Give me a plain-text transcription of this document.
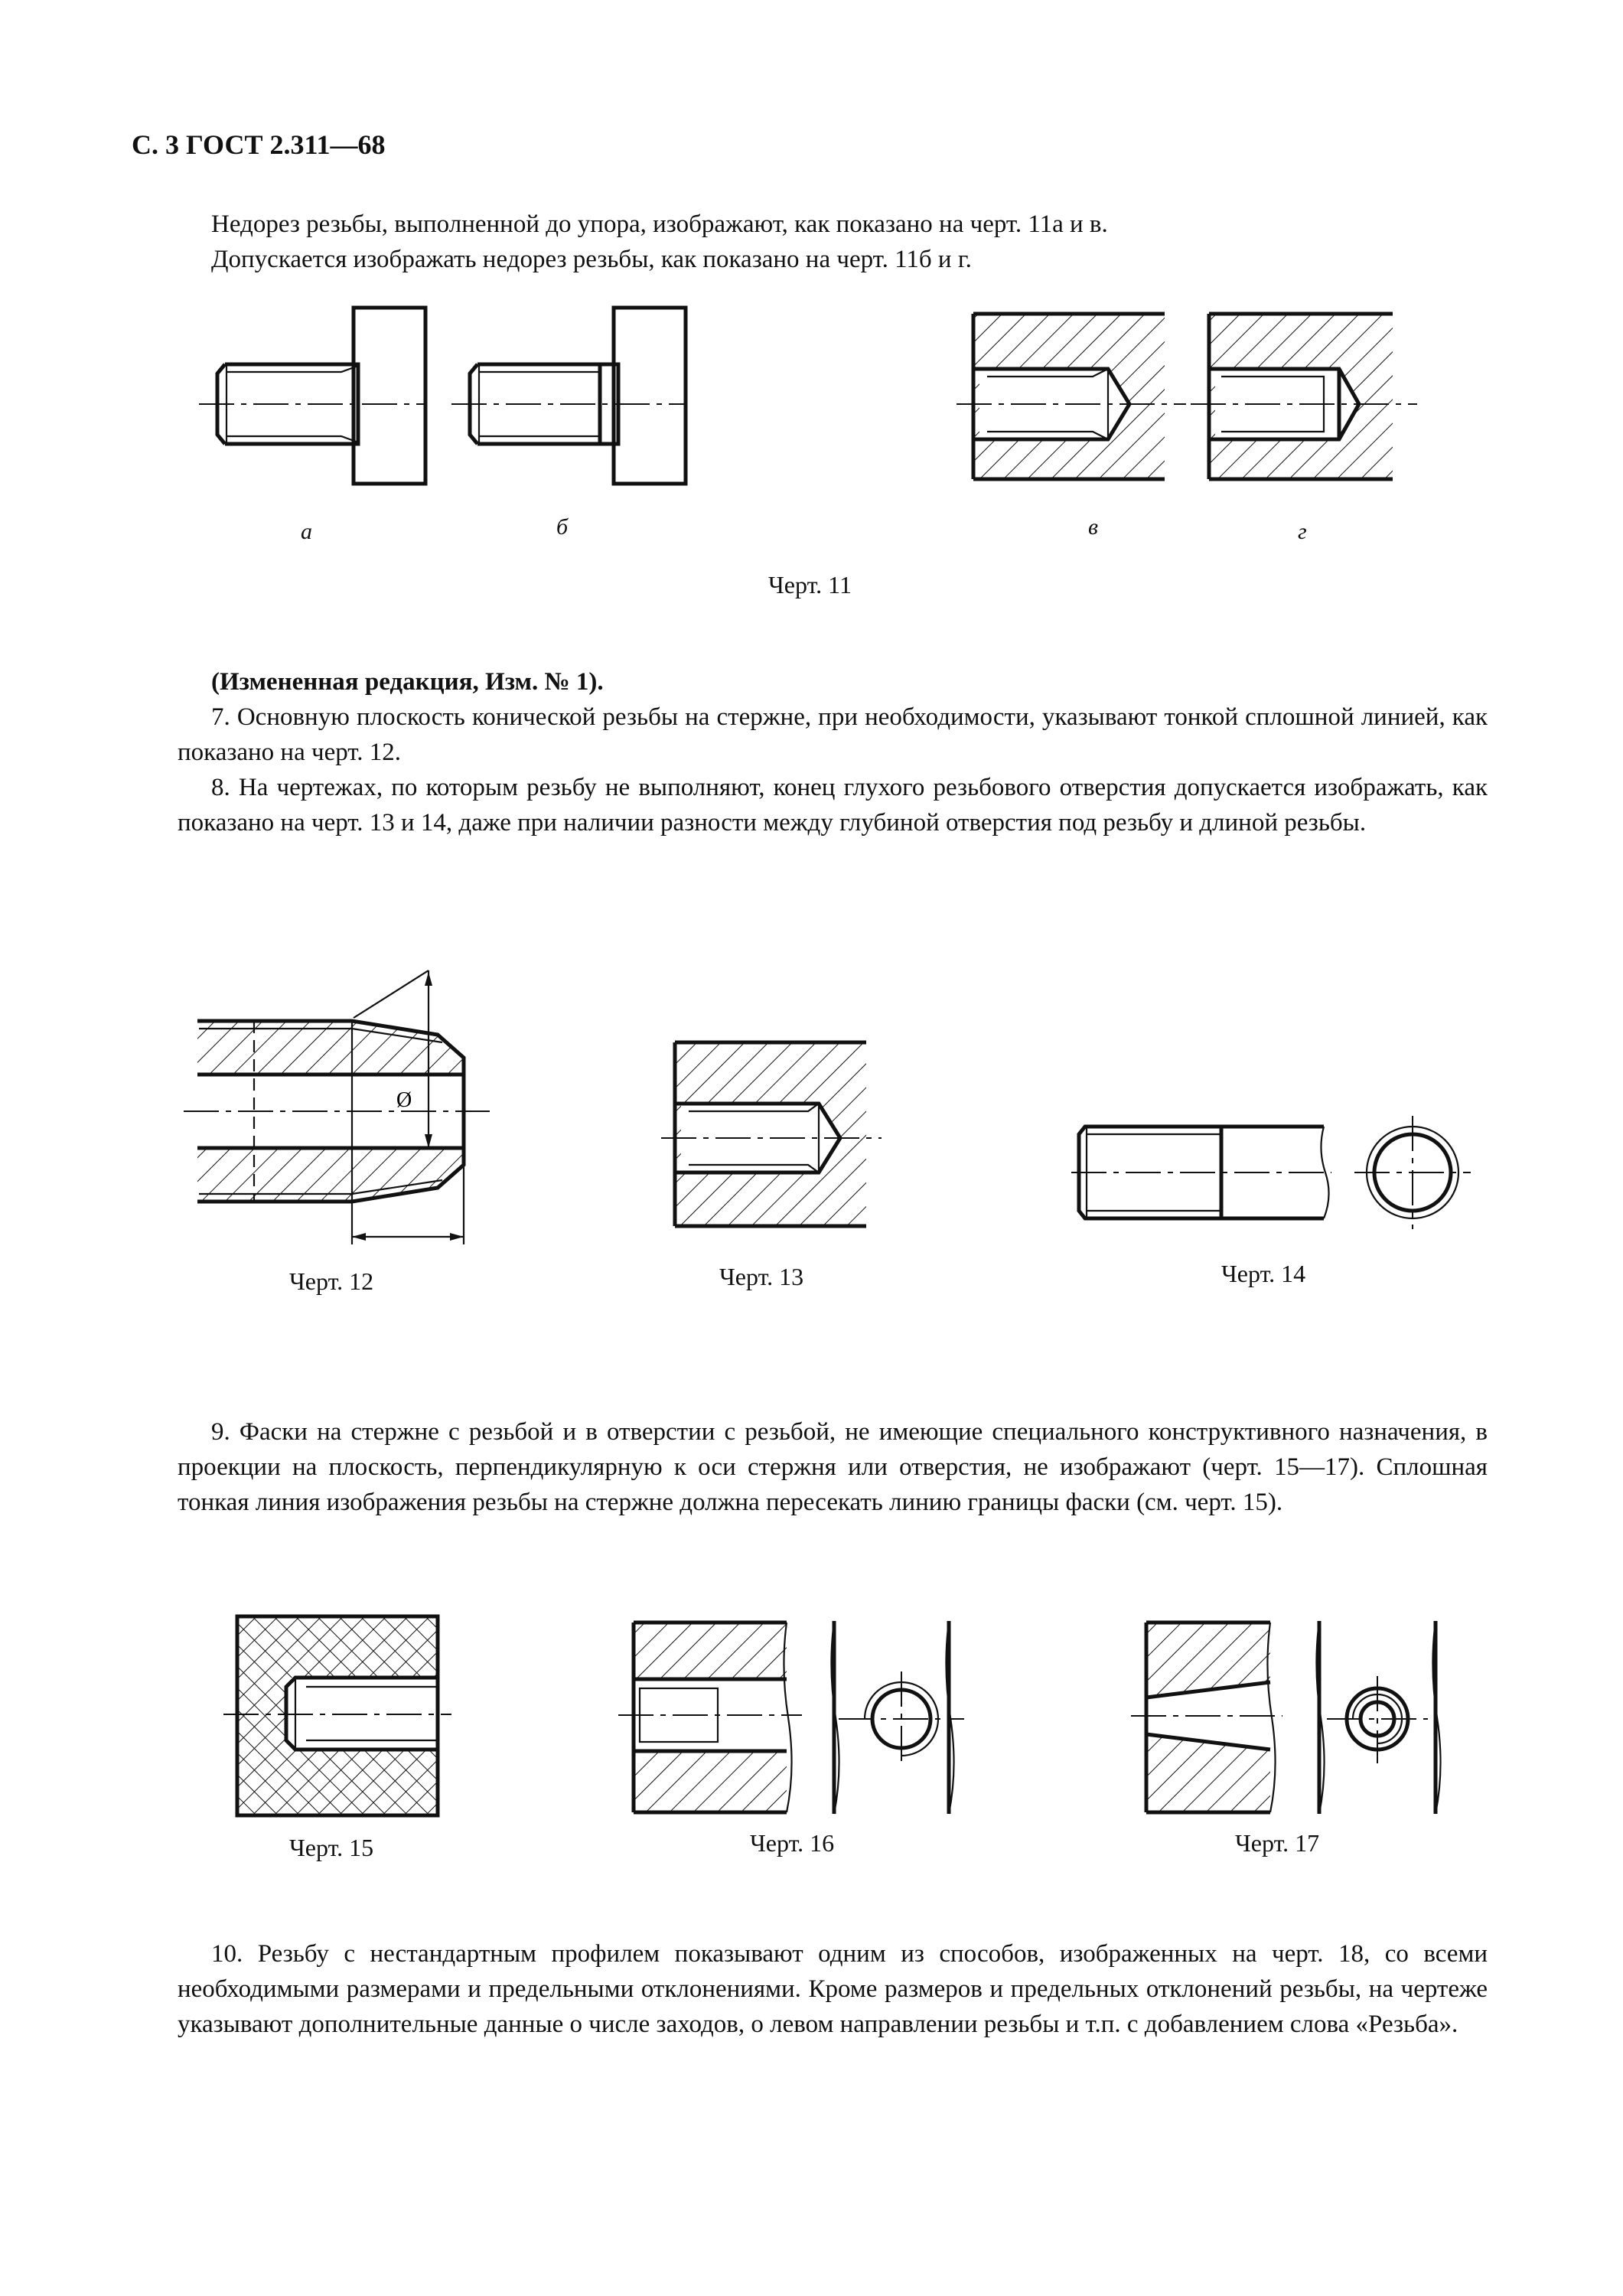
С. 3 ГОСТ 2.311—68
Недорез резьбы, выполненной до упора, изображают, как показано на черт. 11а и в.
Допускается изображать недорез резьбы, как показано на черт. 11б и г.
а	б	в	г
Черт. 11
(Измененная редакция, Изм. № 1).
7. Основную плоскость конической резьбы на стержне, при необходимости, указывают тонкой сплошной линией, как показано на черт. 12.
8. На чертежах, по которым резьбу не выполняют, конец глухого резьбового отверстия допускается изображать, как показано на черт. 13 и 14, даже при наличии разности между глубиной отверстия под резьбу и длиной резьбы.
Ø
Черт. 12	Черт. 13	Черт. 14
9. Фаски на стержне с резьбой и в отверстии с резьбой, не имеющие специального конструктивного назначения, в проекции на плоскость, перпендикулярную к оси стержня или отверстия, не изображают (черт. 15—17). Сплошная тонкая линия изображения резьбы на стержне должна пересекать линию границы фаски (см. черт. 15).
Черт. 15	Черт. 16	Черт. 17
10. Резьбу с нестандартным профилем показывают одним из способов, изображенных на черт. 18, со всеми необходимыми размерами и предельными отклонениями. Кроме размеров и предельных отклонений резьбы, на чертеже указывают дополнительные данные о числе заходов, о левом направлении резьбы и т.п. с добавлением слова «Резьба».
